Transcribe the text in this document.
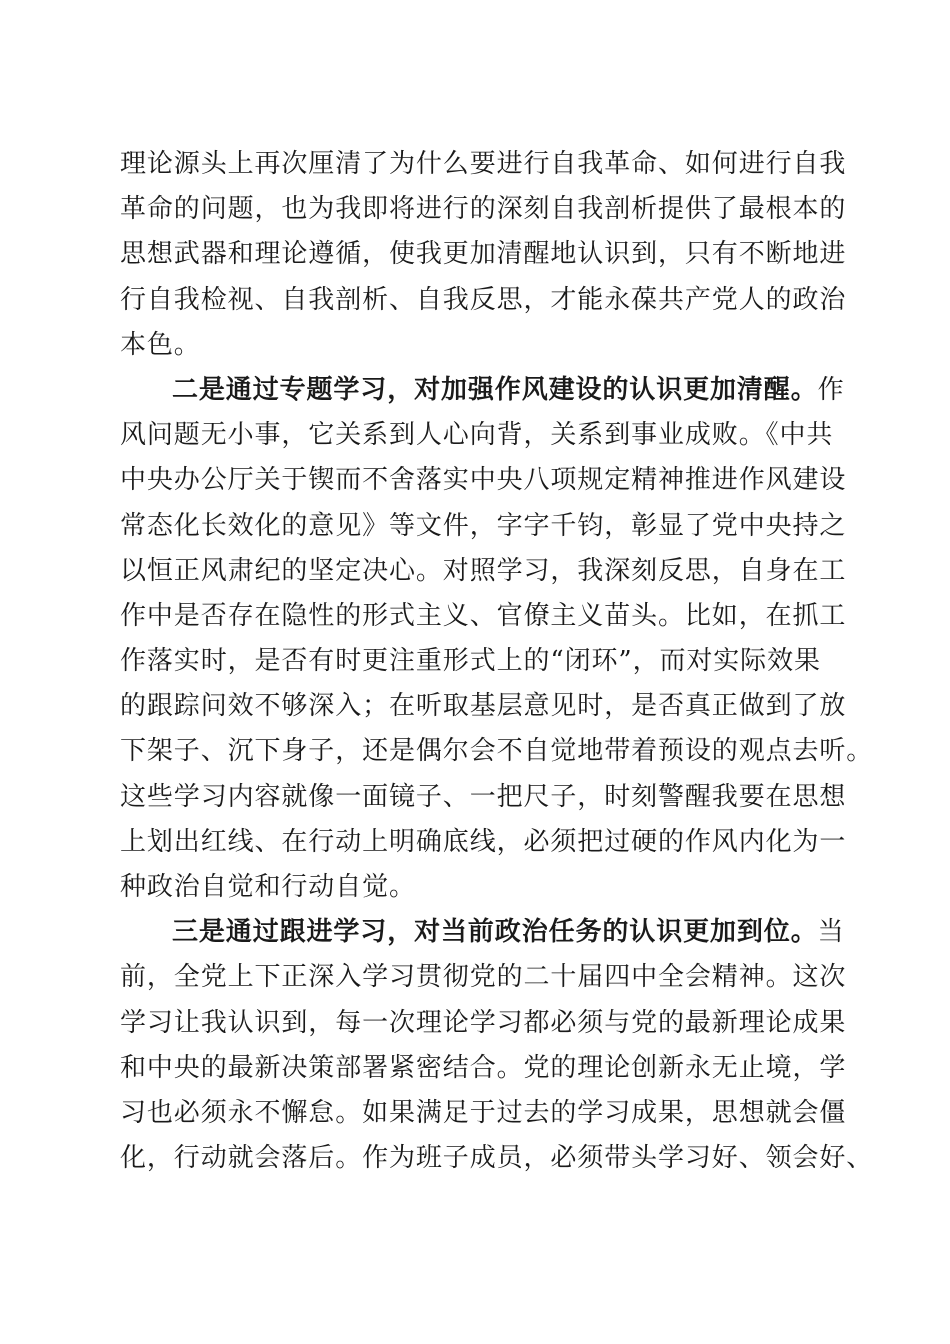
理论源头上再次厘清了为什么要进行自我革命、如何进行自我
革命的问题，也为我即将进行的深刻自我剖析提供了最根本的
思想武器和理论遵循，使我更加清醒地认识到，只有不断地进
行自我检视、自我剖析、自我反思，才能永葆共产党人的政治
本色。
二是通过专题学习，对加强作风建设的认识更加清醒。作
风问题无小事，它关系到人心向背，关系到事业成败。《中共
中央办公厅关于锲而不舍落实中央八项规定精神推进作风建设
常态化长效化的意见》等文件，字字千钧，彰显了党中央持之
以恒正风肃纪的坚定决心。对照学习，我深刻反思，自身在工
作中是否存在隐性的形式主义、官僚主义苗头。比如，在抓工
作落实时，是否有时更注重形式上的“闭环”，而对实际效果
的跟踪问效不够深入；在听取基层意见时，是否真正做到了放
下架子、沉下身子，还是偶尔会不自觉地带着预设的观点去听。
这些学习内容就像一面镜子、一把尺子，时刻警醒我要在思想
上划出红线、在行动上明确底线，必须把过硬的作风内化为一
种政治自觉和行动自觉。
三是通过跟进学习，对当前政治任务的认识更加到位。当
前，全党上下正深入学习贯彻党的二十届四中全会精神。这次
学习让我认识到，每一次理论学习都必须与党的最新理论成果
和中央的最新决策部署紧密结合。党的理论创新永无止境，学
习也必须永不懈怠。如果满足于过去的学习成果，思想就会僵
化，行动就会落后。作为班子成员，必须带头学习好、领会好、
